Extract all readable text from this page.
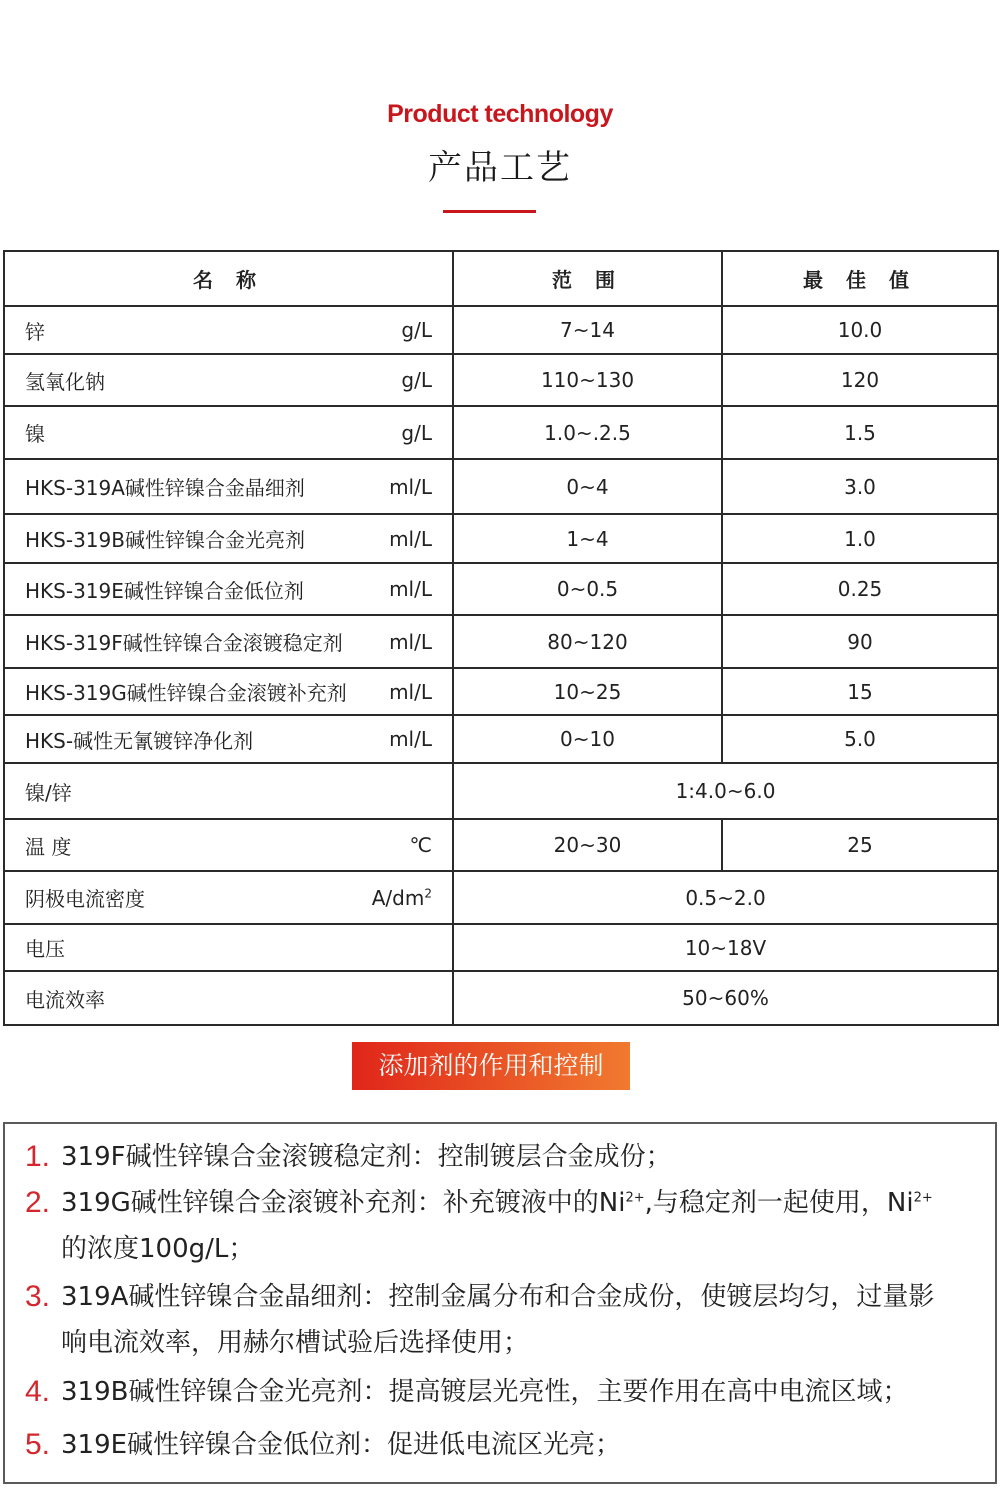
Product technology
产品工艺
名 称	范 围	最 佳 值

锌 g/L	7~14	10.0

氢氧化钠 g/L	110~130	120

镍 g/L	1.0~.2.5	1.5

HKS-319A碱性锌镍合金晶细剂 ml/L	0~4	3.0

HKS-319B碱性锌镍合金光亮剂 ml/L	1~4	1.0

HKS-319E碱性锌镍合金低位剂 ml/L	0~0.5	0.25

HKS-319F碱性锌镍合金滚镀稳定剂 ml/L	80~120	90

HKS-319G碱性锌镍合金滚镀补充剂 ml/L	10~25	15

HKS-碱性无氰镀锌净化剂 ml/L	0~10	5.0

镍/锌	1:4.0~6.0	

温 度 ℃	20~30	25

阴极电流密度 $A/dm^2$	0.5~2.0	

电压	10~18V	

电流效率	50~60%	
添加剂的作用和控制
1. 319F碱性锌镍合金滚镀稳定剂：控制镀层合金成份；
2. 319G碱性锌镍合金滚镀补充剂：补充镀液中的$Ni^{2+}$,与稳定剂一起使用，$Ni^{2+}$
的浓度100g/L；
3. 319A碱性锌镍合金晶细剂：控制金属分布和合金成份，使镀层均匀，过量影
响电流效率，用赫尔槽试验后选择使用；
4. 319B碱性锌镍合金光亮剂：提高镀层光亮性，主要作用在高中电流区域；
5. 319E碱性锌镍合金低位剂：促进低电流区光亮；
